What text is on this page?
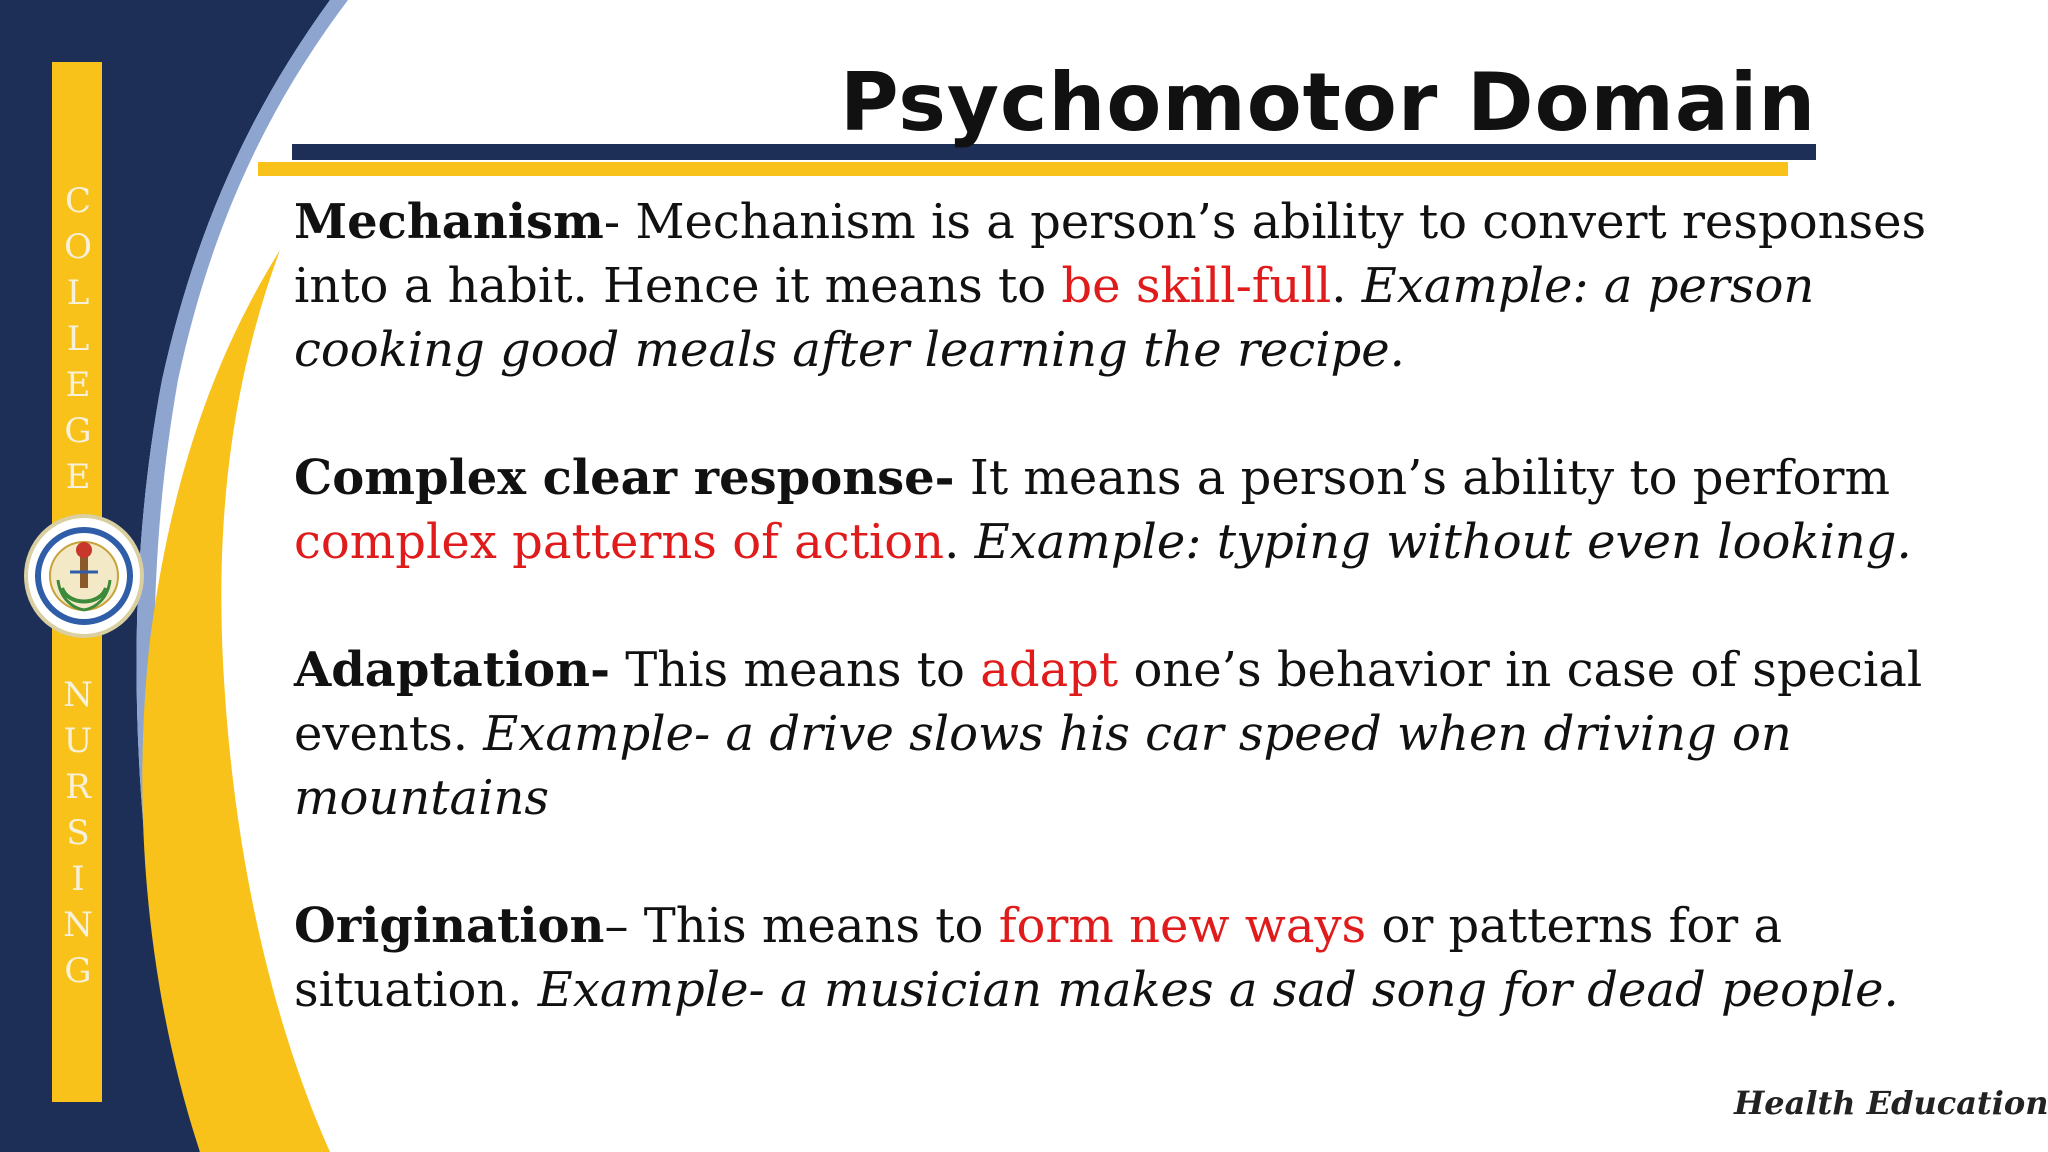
C
O
L
L
E
G
E
N
U
R
S
I
N
G
Psychomotor Domain

Mechanism- Mechanism is a person’s ability to convert responses into a habit. Hence it means to be skill-full. Example: a person cooking good meals after learning the recipe.

Complex clear response- It means a person’s ability to perform complex patterns of action. Example: typing without even looking.

Adaptation- This means to adapt one’s behavior in case of special events. Example- a drive slows his car speed when driving on mountains

Origination– This means to form new ways or patterns for a situation. Example- a musician makes a sad song for dead people.

Health Education
